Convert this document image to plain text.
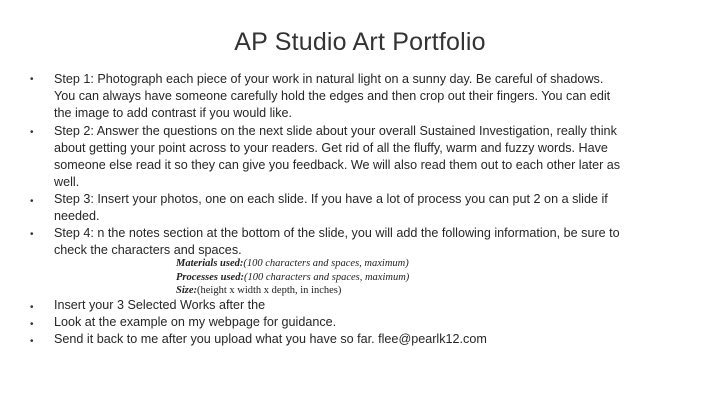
AP Studio Art Portfolio
• Step 1: Photograph each piece of your work in natural light on a sunny day. Be careful of shadows.
You can always have someone carefully hold the edges and then crop out their fingers. You can edit
the image to add contrast if you would like.
• Step 2: Answer the questions on the next slide about your overall Sustained Investigation, really think
about getting your point across to your readers. Get rid of all the fluffy, warm and fuzzy words. Have
someone else read it so they can give you feedback. We will also read them out to each other later as
well.
• Step 3: Insert your photos, one on each slide. If you have a lot of process you can put 2 on a slide if
needed.
• Step 4: n the notes section at the bottom of the slide, you will add the following information, be sure to
check the characters and spaces.
Materials used:(100 characters and spaces, maximum)
Processes used:(100 characters and spaces, maximum)
Size:(height x width x depth, in inches)
• Insert your 3 Selected Works after the
• Look at the example on my webpage for guidance.
• Send it back to me after you upload what you have so far. flee@pearlk12.com
